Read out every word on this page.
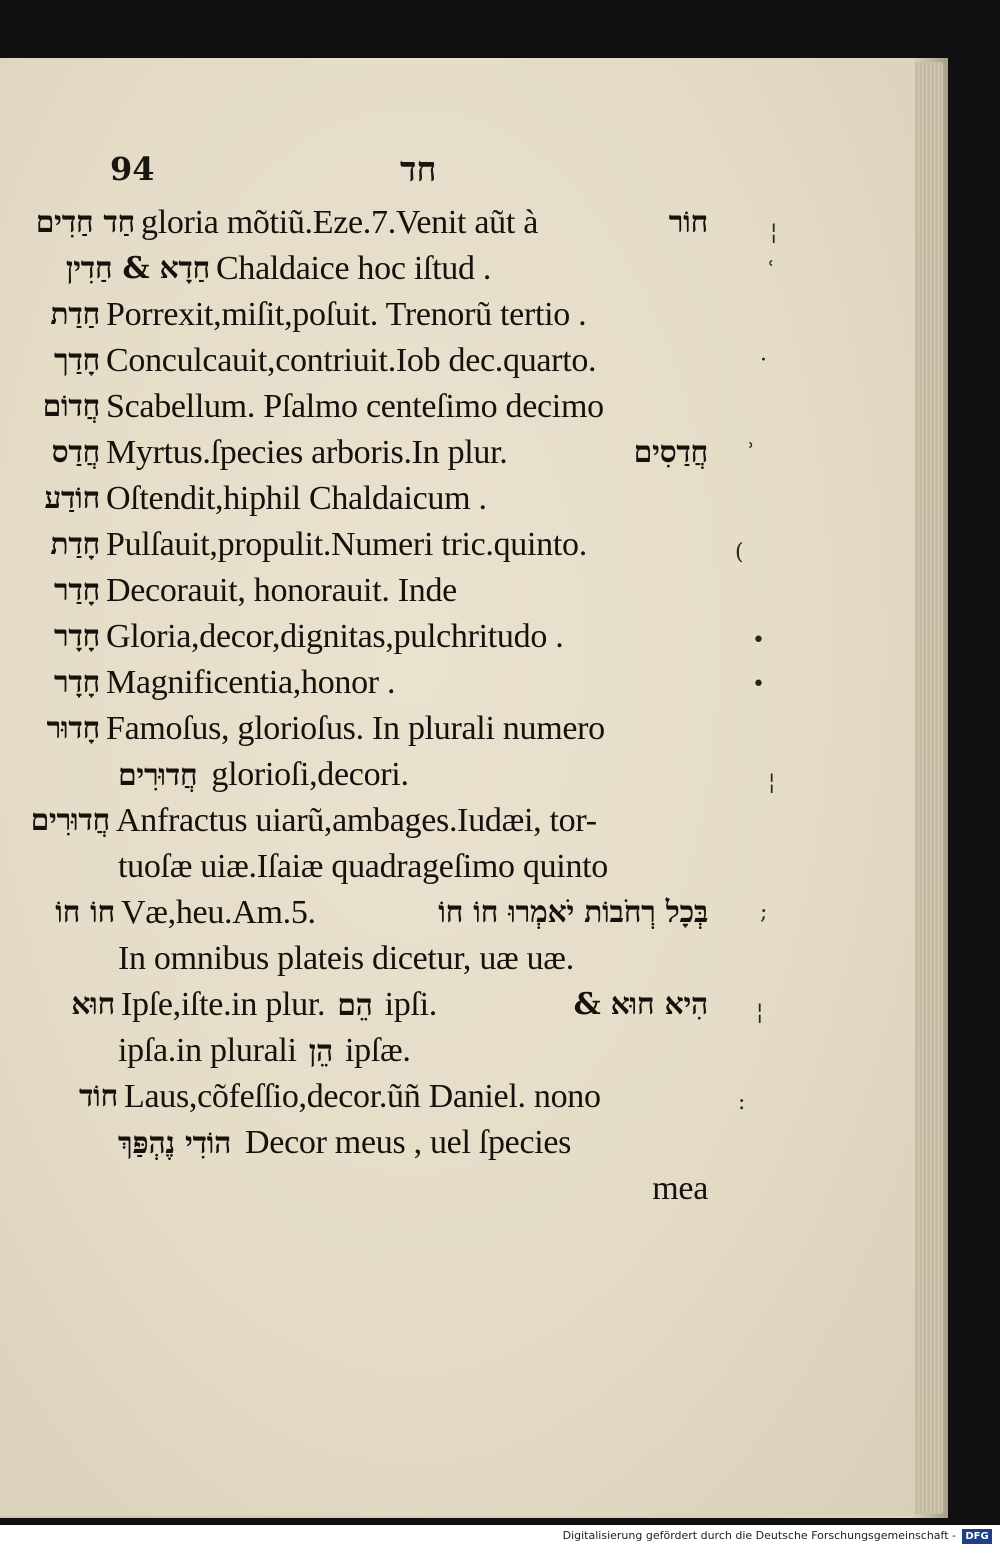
94	חד
חַד חַדִים gloria mõtiũ.Eze.7.Venit aũt à	חוֹר
חַדָא & חַדִין Chaldaice hoc iſtud .
חַדַת Porrexit,miſit,poſuit. Trenorũ tertio .
חָדַך Conculcauit,contriuit.Iob dec.quarto.
חֲדוֹם Scabellum. Pſalmo centeſimo decimo
חֲדַס Myrtus.ſpecies arboris.In plur.	חֲדַסִים
חוֹדַע Oſtendit,hiphil Chaldaicum .
חָדַת Pulſauit,propulit.Numeri tric.quinto.
חָדַר Decorauit, honorauit. Inde
חָדָר Gloria,decor,dignitas,pulchritudo .
חָדָר Magnificentia,honor .
חָדוּר Famoſus, glorioſus. In plurali numero
חֲדוּרִים glorioſi,decori.
חֲדוּרִים Anfractus uiarũ,ambages.Iudæi, tor-
tuoſæ uiæ.Iſaiæ quadrageſimo quinto
חוֹ חוֹ Væ,heu.Am.5.	בְּכָל רְחֹבוֹת יֹאמְרוּ חוֹ חוֹ
In omnibus plateis dicetur, uæ uæ.
חוּא Ipſe,iſte.in plur. הֵם ipſi.	הִיא חוּא &
ipſa.in plurali הֵן ipſæ.
חוֹד Laus,cõfeſſio,decor.ũñ Daniel. nono
הוֹדִי נֶהְפַּךְ Decor meus , uel ſpecies
mea
¦
ʿ
·
ʾ
(
•
•
¦
;
¦
:
Digitalisierung gefördert durch die Deutsche Forschungsgemeinschaft - DFG
